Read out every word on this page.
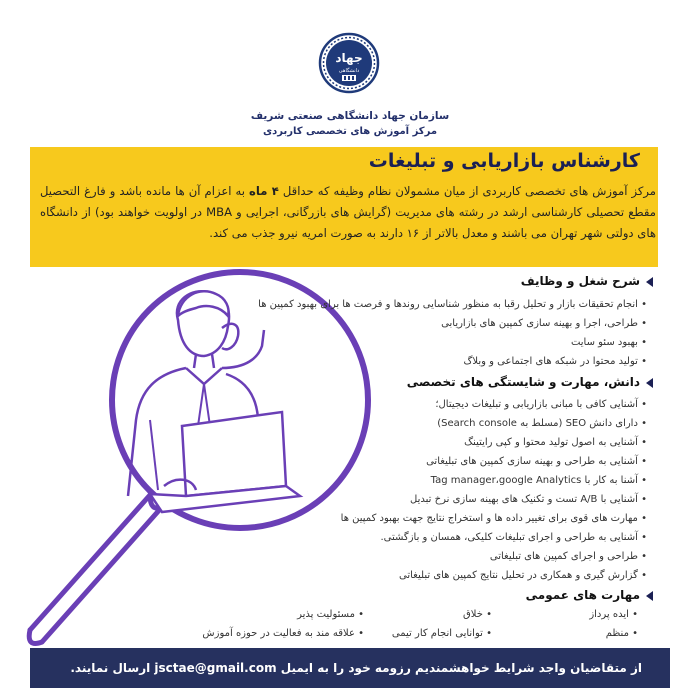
جهاد
دانشگاهی
سازمان جهاد دانشگاهی صنعتی شریف
مرکز آموزش های تخصصی کاربردی
کارشناس بازاریابی و تبلیغات
مرکز آموزش های تخصصی کاربردی از میان مشمولان نظام وظیفه که حداقل ۴ ماه به اعزام آن ها مانده باشد و فارغ التحصیل مقطع تحصیلی کارشناسی ارشد در رشته های مدیریت (گرایش های بازرگانی، اجرایی و MBA در اولویت خواهند بود) از دانشگاه های دولتی شهر تهران می باشند و معدل بالاتر از ۱۶ دارند به صورت امریه نیرو جذب می کند.
شرح شغل و وظایف
• انجام تحقیقات بازار و تحلیل رقبا به منظور شناسایی روندها و فرصت ها برای بهبود کمپین ها
• طراحی، اجرا و بهینه سازی کمپین های بازاریابی
• بهبود سئو سایت
• تولید محتوا در شبکه های اجتماعی و وبلاگ
دانش، مهارت و شایستگی های تخصصی
• آشنایی کافی با مبانی بازاریابی و تبلیغات دیجیتال؛
• دارای دانش SEO (مسلط به Search console)
• آشنایی به اصول تولید محتوا و کپی رایتینگ
• آشنایی به طراحی و بهینه سازی کمپین های تبلیغاتی
• آشنا به کار با Tag manager،google Analytics
• آشنایی با A/B تست و تکنیک های بهینه سازی نرخ تبدیل
• مهارت های قوی برای تغییر داده ها و استخراج نتایج جهت بهبود کمپین ها
• آشنایی به طراحی و اجرای تبلیغات کلیکی، همسان و بازگشتی.
• طراحی و اجرای کمپین های تبلیغاتی
• گزارش گیری و همکاری در تحلیل نتایج کمپین های تبلیغاتی
مهارت های عمومی
• ایده پرداز
• منظم
• خلاق
• توانایی انجام کار تیمی
• مسئولیت پذیر
• علاقه مند به فعالیت در حوزه آموزش
از متقاضیان واجد شرایط خواهشمندیم رزومه خود را به ایمیل jsctae@gmail.com ارسال نمایند.
